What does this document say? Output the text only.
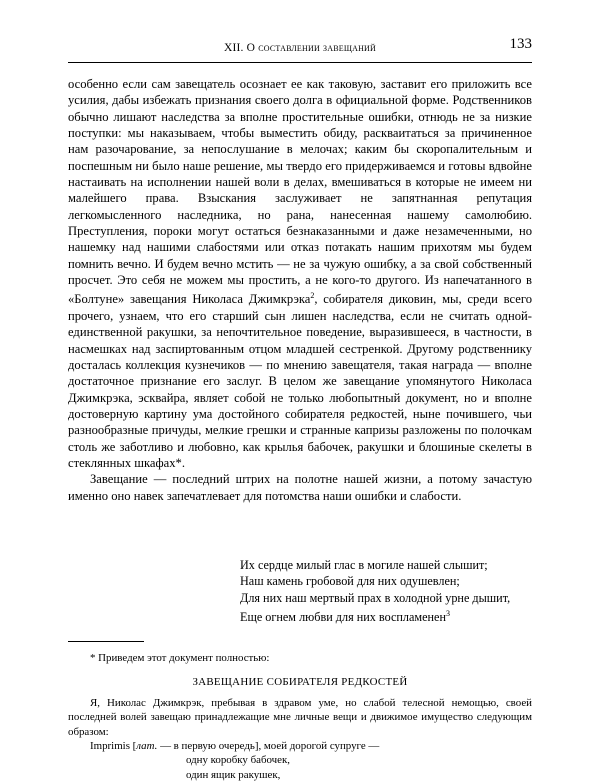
XII. О составлении завещаний	133

особенно если сам завещатель осознает ее как таковую, заставит его приложить все усилия, дабы избежать признания своего долга в официальной форме. Родственников обычно лишают наследства за вполне простительные ошибки, отнюдь не за низкие поступки: мы наказываем, чтобы выместить обиду, раскваитаться за причиненное нам разочарование, за непослушание в мелочах; каким бы скоропалительным и поспешным ни было наше решение, мы твердо его придерживаемся и готовы вдвойне настаивать на исполнении нашей воли в делах, вмешиваться в которые не имеем ни малейшего права. Взыскания заслуживает не запятнанная репутация легкомысленного наследника, но рана, нанесенная нашему самолюбию. Преступления, пороки могут остаться безнаказанными и даже незамеченными, но нашемку над нашими слабостями или отказ потакать нашим прихотям мы будем помнить вечно. И будем вечно мстить — не за чужую ошибку, а за свой собственный просчет. Это себя не можем мы простить, а не кого-то другого. Из напечатанного в «Болтуне» завещания Николаса Джимкрэка$^2$, собирателя диковин, мы, среди всего прочего, узнаем, что его старший сын лишен наследства, если не считать одной-единственной ракушки, за непочтительное поведение, выразившееся, в частности, в насмешках над заспиртованным отцом младшей сестренкой. Другому родственнику досталась коллекция кузнечиков — по мнению завещателя, такая награда — вполне достаточное признание его заслуг. В целом же завещание упомянутого Николаса Джимкрэка, эсквайра, являет собой не только любопытный документ, но и вполне достоверную картину ума достойного собирателя редкостей, ныне почившего, чьи разнообразные причуды, мелкие грешки и странные капризы разложены по полочкам столь же заботливо и любовно, как крылья бабочек, ракушки и блошиные скелеты в стеклянных шкафах*.

Завещание — последний штрих на полотне нашей жизни, а потому зачастую именно оно навек запечатлевает для потомства наши ошибки и слабости.

Их сердце милый глас в могиле нашей слышит;
Наш камень гробовой для них одушевлен;
Для них наш мертвый прах в холодной урне дышит,
Еще огнем любви для них воспламенен$^3$

* Приведем этот документ полностью:

ЗАВЕЩАНИЕ СОБИРАТЕЛЯ РЕДКОСТЕЙ

Я, Николас Джимкрэк, пребывая в здравом уме, но слабой телесной немощью, своей последней волей завещаю принадлежащие мне личные вещи и движимое имущество следующим образом:

Imprimis [лат. — в первую очередь], моей дорогой супруге —

одну коробку бабочек,

один ящик ракушек,
